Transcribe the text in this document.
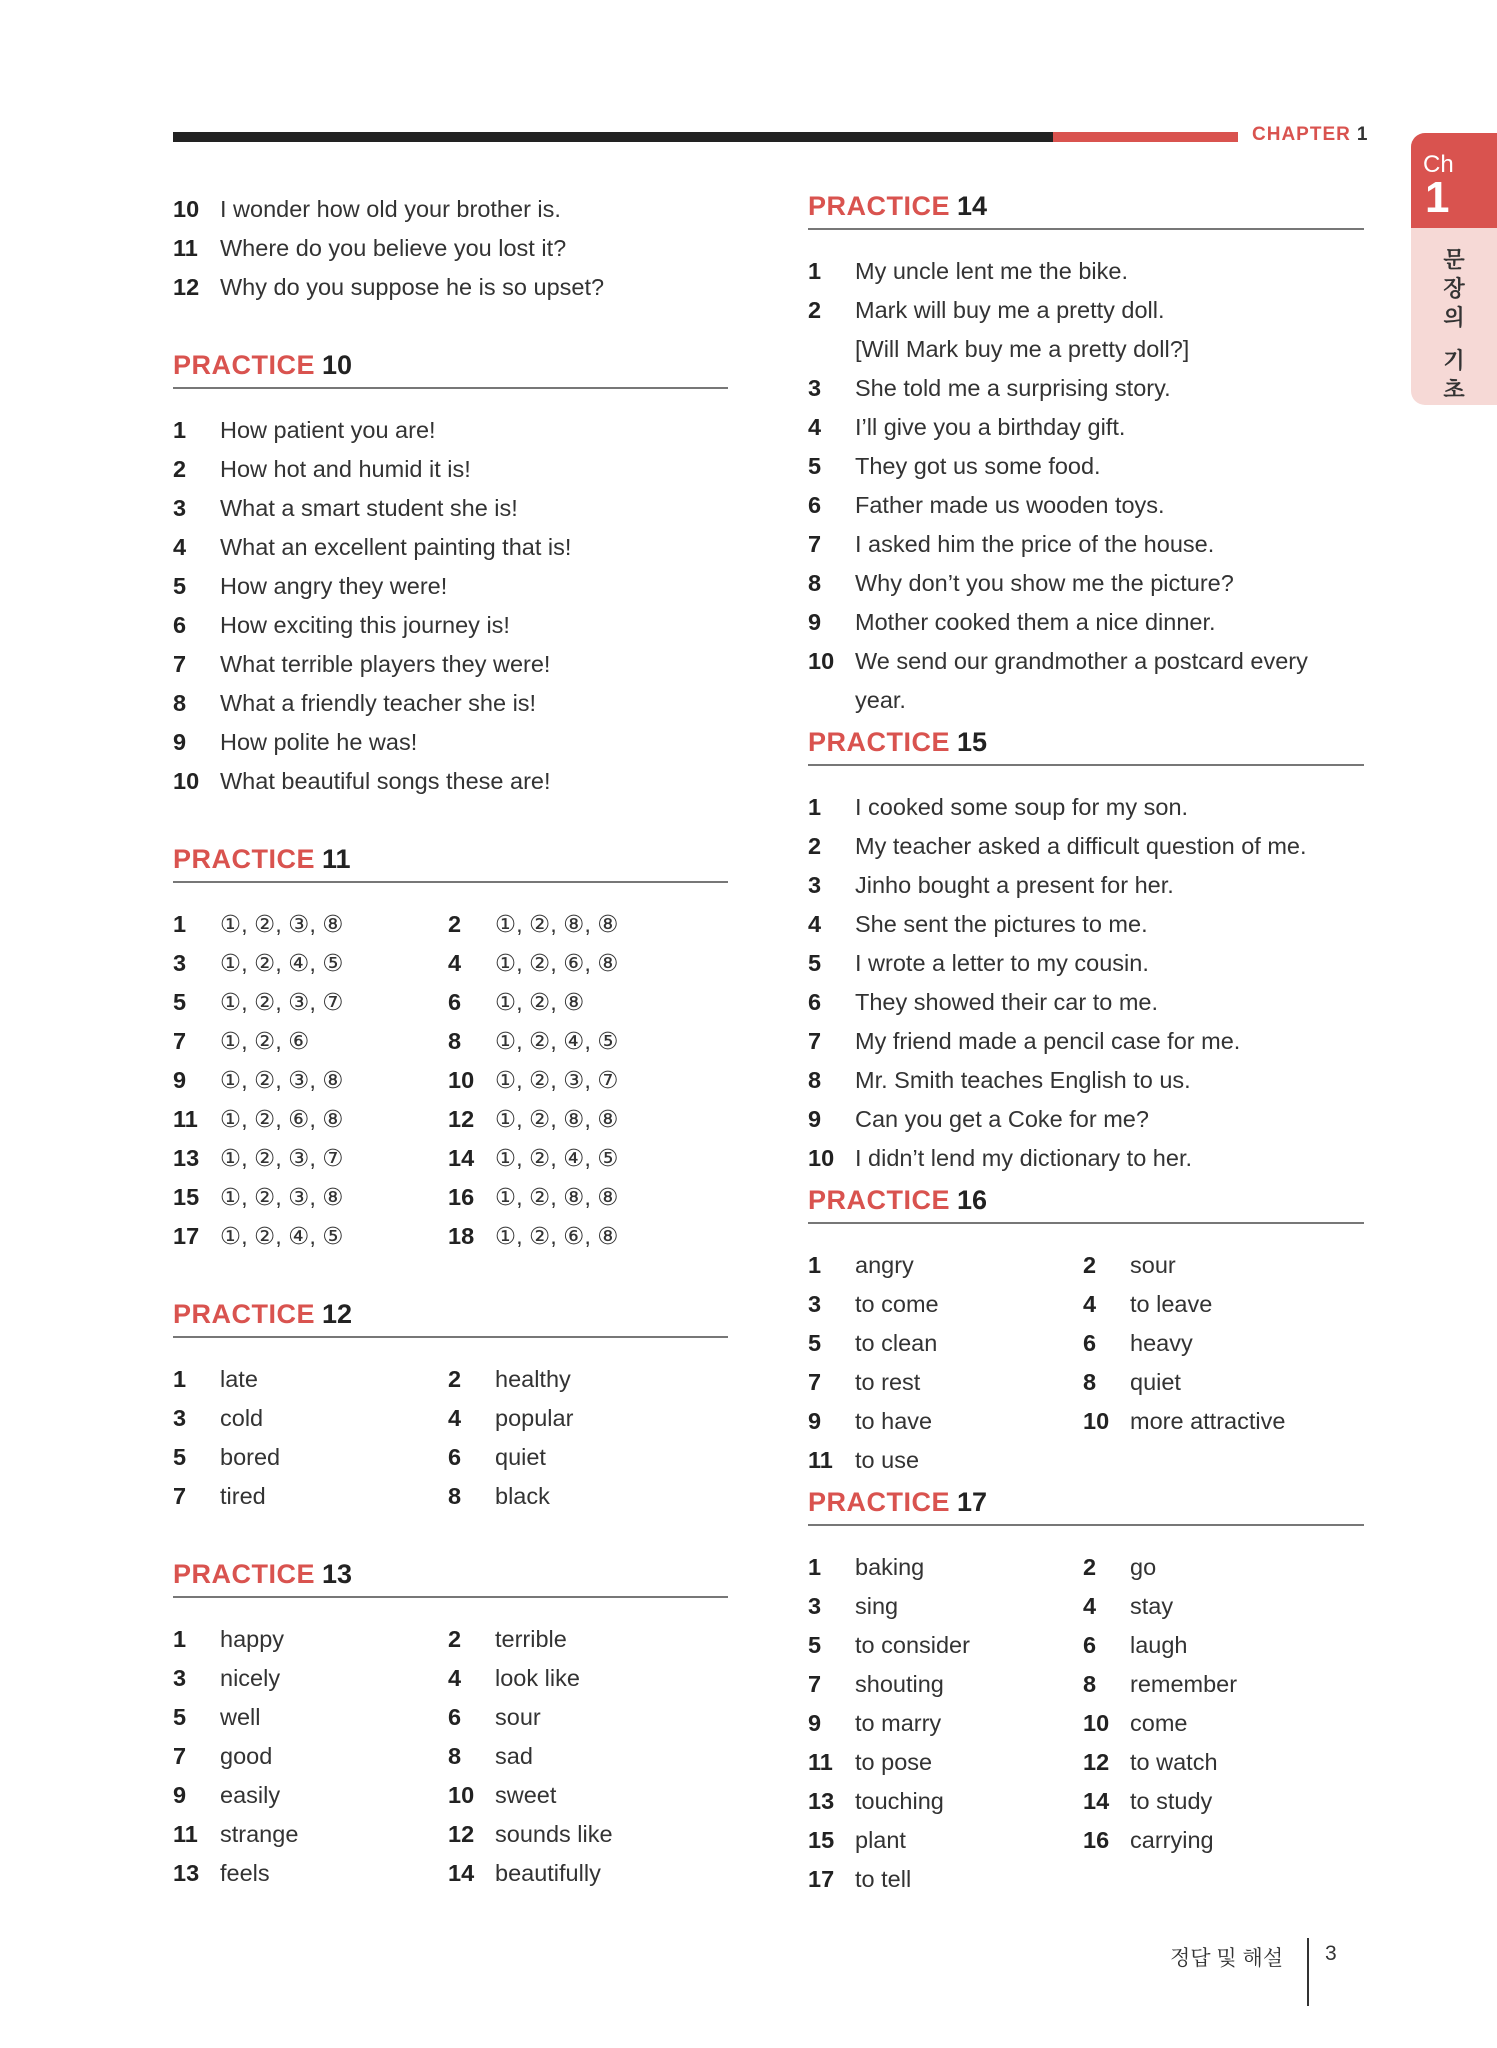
CHAPTER 1
Ch
1
문
장
의
기
초
10 I wonder how old your brother is.
11 Where do you believe you lost it?
12 Why do you suppose he is so upset?
PRACTICE 10
1 How patient you are!
2 How hot and humid it is!
3 What a smart student she is!
4 What an excellent painting that is!
5 How angry they were!
6 How exciting this journey is!
7 What terrible players they were!
8 What a friendly teacher she is!
9 How polite he was!
10 What beautiful songs these are!
PRACTICE 11
1 ①, ②, ③, ⑧	2 ①, ②, ⑧, ⑧
3 ①, ②, ④, ⑤	4 ①, ②, ⑥, ⑧
5 ①, ②, ③, ⑦	6 ①, ②, ⑧
7 ①, ②, ⑥	8 ①, ②, ④, ⑤
9 ①, ②, ③, ⑧	10 ①, ②, ③, ⑦
11 ①, ②, ⑥, ⑧	12 ①, ②, ⑧, ⑧
13 ①, ②, ③, ⑦	14 ①, ②, ④, ⑤
15 ①, ②, ③, ⑧	16 ①, ②, ⑧, ⑧
17 ①, ②, ④, ⑤	18 ①, ②, ⑥, ⑧
PRACTICE 12
1 late	2 healthy
3 cold	4 popular
5 bored	6 quiet
7 tired	8 black
PRACTICE 13
1 happy	2 terrible
3 nicely	4 look like
5 well	6 sour
7 good	8 sad
9 easily	10 sweet
11 strange	12 sounds like
13 feels	14 beautifully
PRACTICE 14
1 My uncle lent me the bike.
2 Mark will buy me a pretty doll.
[Will Mark buy me a pretty doll?]
3 She told me a surprising story.
4 I’ll give you a birthday gift.
5 They got us some food.
6 Father made us wooden toys.
7 I asked him the price of the house.
8 Why don’t you show me the picture?
9 Mother cooked them a nice dinner.
10 We send our grandmother a postcard every
year.
PRACTICE 15
1 I cooked some soup for my son.
2 My teacher asked a difficult question of me.
3 Jinho bought a present for her.
4 She sent the pictures to me.
5 I wrote a letter to my cousin.
6 They showed their car to me.
7 My friend made a pencil case for me.
8 Mr. Smith teaches English to us.
9 Can you get a Coke for me?
10 I didn’t lend my dictionary to her.
PRACTICE 16
1 angry	2 sour
3 to come	4 to leave
5 to clean	6 heavy
7 to rest	8 quiet
9 to have	10 more attractive
11 to use
PRACTICE 17
1 baking	2 go
3 sing	4 stay
5 to consider	6 laugh
7 shouting	8 remember
9 to marry	10 come
11 to pose	12 to watch
13 touching	14 to study
15 plant	16 carrying
17 to tell
정답 및 해설 3
